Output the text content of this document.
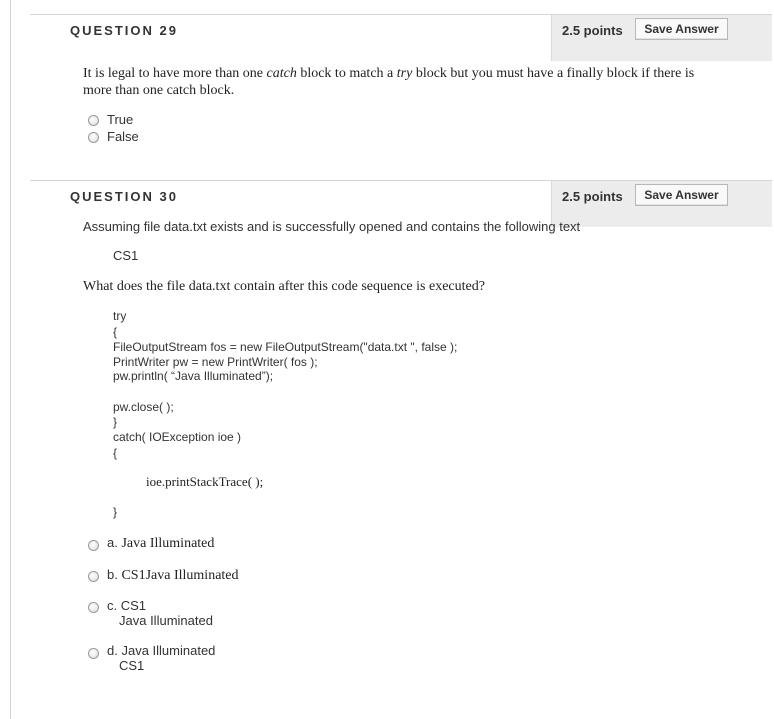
QUESTION 29	2.5 points	Save Answer
It is legal to have more than one catch block to match a try block but you must have a finally block if there is
more than one catch block.
True
False
QUESTION 30	2.5 points	Save Answer
Assuming file data.txt exists and is successfully opened and contains the following text
CS1
What does the file data.txt contain after this code sequence is executed?
try
{
FileOutputStream fos = new FileOutputStream("data.txt ", false );
PrintWriter pw = new PrintWriter( fos );
pw.println( “Java Illuminated”);
pw.close( );
}
catch( IOException ioe )
{
ioe.printStackTrace( );
}
a. Java Illuminated
b. CS1Java Illuminated
c. CS1
Java Illuminated
d. Java Illuminated
CS1
